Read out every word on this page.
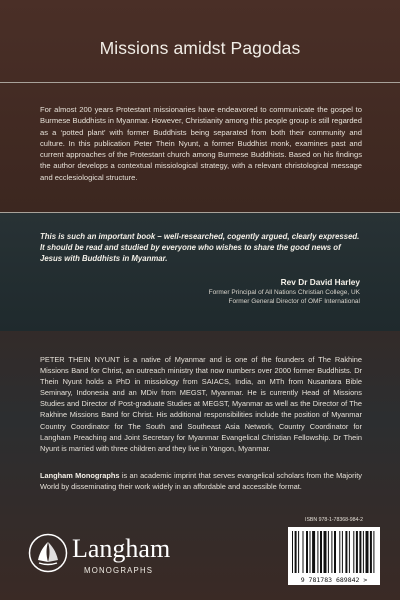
Missions amidst Pagodas
For almost 200 years Protestant missionaries have endeavored to communicate the gospel to Burmese Buddhists in Myanmar. However, Christianity among this people group is still regarded as a ‘potted plant’ with former Buddhists being separated from both their community and culture. In this publication Peter Thein Nyunt, a former Buddhist monk, examines past and current approaches of the Protestant church among Burmese Buddhists. Based on his findings the author develops a contextual missiological strategy, with a relevant christological message and ecclesiological structure.
This is such an important book – well-researched, cogently argued, clearly expressed. It should be read and studied by everyone who wishes to share the good news of Jesus with Buddhists in Myanmar.
Rev Dr David Harley
Former Principal of All Nations Christian College, UK
Former General Director of OMF International
PETER THEIN NYUNT is a native of Myanmar and is one of the founders of The Rakhine Missions Band for Christ, an outreach ministry that now numbers over 2000 former Buddhists. Dr Thein Nyunt holds a PhD in missiology from SAIACS, India, an MTh from Nusantara Bible Seminary, Indonesia and an MDiv from MEGST, Myanmar. He is currently Head of Missions Studies and Director of Post-graduate Studies at MEGST, Myanmar as well as the Director of The Rakhine Missions Band for Christ. His additional responsibilities include the position of Myanmar Country Coordinator for The South and Southeast Asia Network, Country Coordinator for Langham Preaching and Joint Secretary for Myanmar Evangelical Christian Fellowship. Dr Thein Nyunt is married with three children and they live in Yangon, Myanmar.
Langham Monographs is an academic imprint that serves evangelical scholars from the Majority World by disseminating their work widely in an affordable and accessible format.
Langham
MONOGRAPHS
ISBN 978-1-78368-984-2
9 781783 689842 >
